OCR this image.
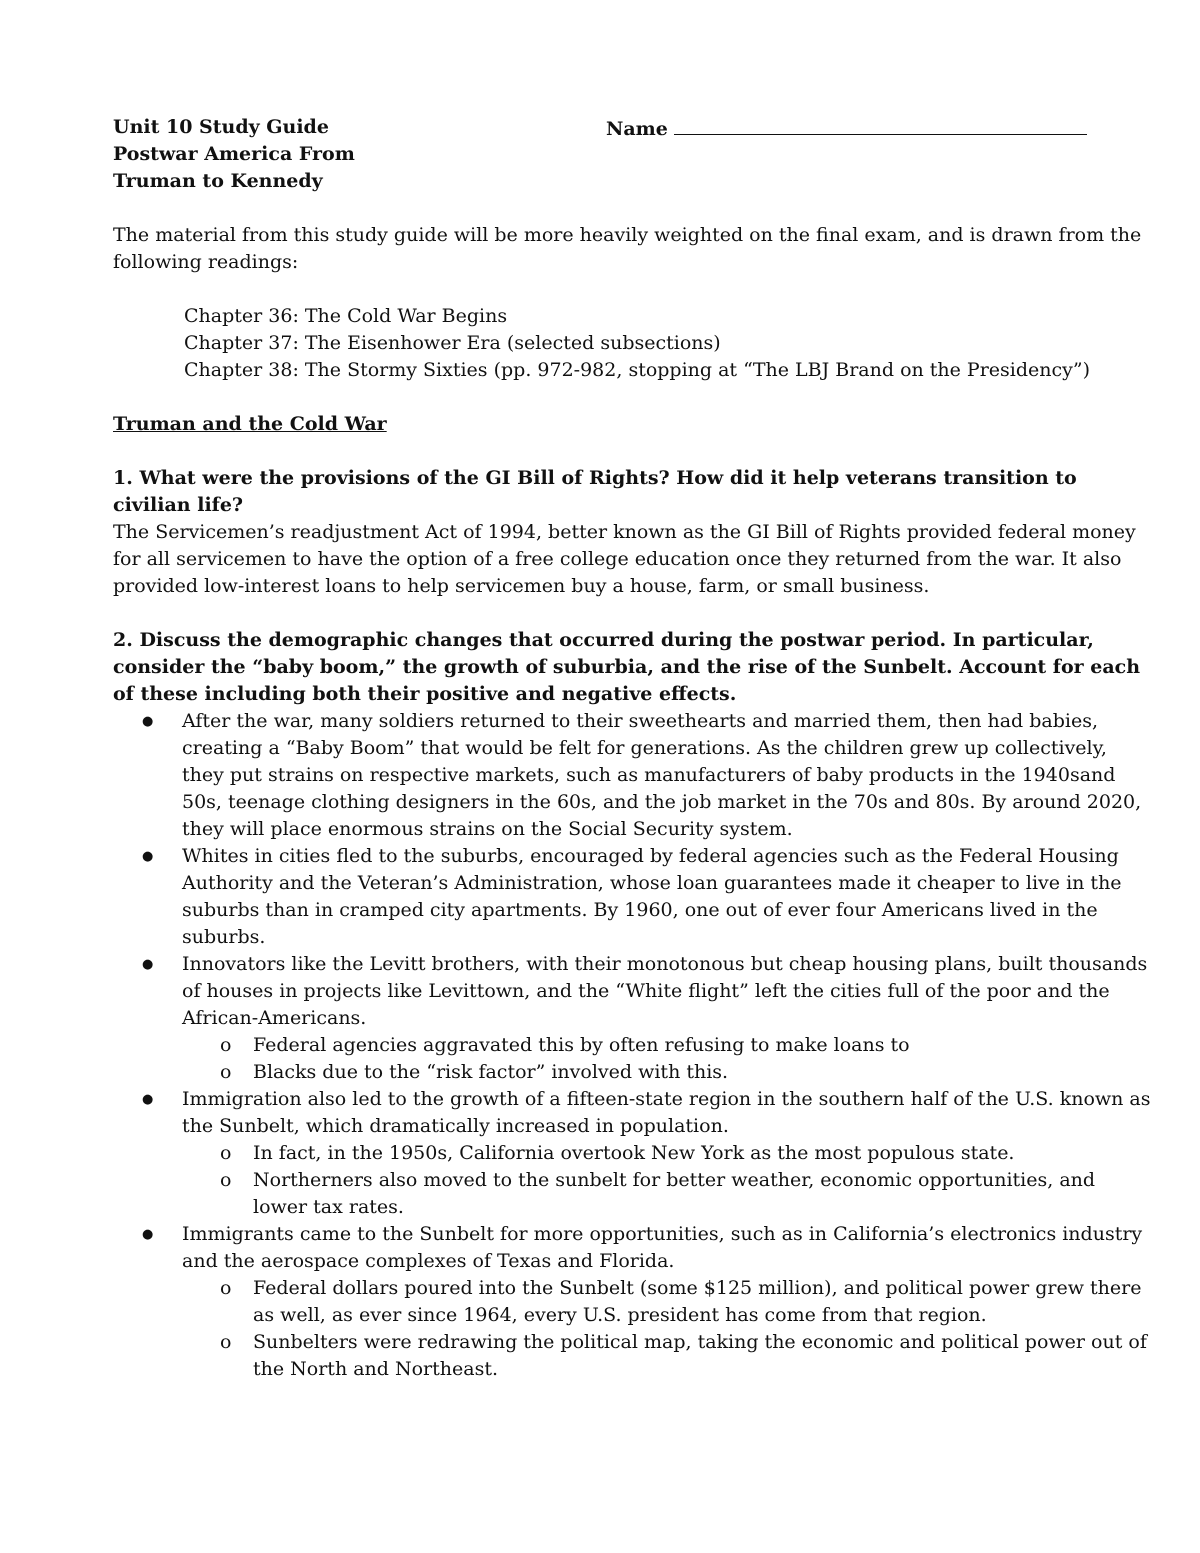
Unit 10 Study Guide
Postwar America From
Truman to Kennedy
Name

The material from this study guide will be more heavily weighted on the final exam, and is drawn from the following readings:

Chapter 36: The Cold War Begins
Chapter 37: The Eisenhower Era (selected subsections)
Chapter 38: The Stormy Sixties (pp. 972-982, stopping at “The LBJ Brand on the Presidency”)

Truman and the Cold War

1. What were the provisions of the GI Bill of Rights? How did it help veterans transition to civilian life?

The Servicemen’s readjustment Act of 1994, better known as the GI Bill of Rights provided federal money for all servicemen to have the option of a free college education once they returned from the war. It also provided low-interest loans to help servicemen buy a house, farm, or small business.

2. Discuss the demographic changes that occurred during the postwar period. In particular, consider the “baby boom,” the growth of suburbia, and the rise of the Sunbelt. Account for each of these including both their positive and negative effects.

● After the war, many soldiers returned to their sweethearts and married them, then had babies, creating a “Baby Boom” that would be felt for generations. As the children grew up collectively, they put strains on respective markets, such as manufacturers of baby products in the 1940sand 50s, teenage clothing designers in the 60s, and the job market in the 70s and 80s. By around 2020, they will place enormous strains on the Social Security system.
● Whites in cities fled to the suburbs, encouraged by federal agencies such as the Federal Housing Authority and the Veteran’s Administration, whose loan guarantees made it cheaper to live in the suburbs than in cramped city apartments. By 1960, one out of ever four Americans lived in the suburbs.
● Innovators like the Levitt brothers, with their monotonous but cheap housing plans, built thousands of houses in projects like Levittown, and the “White flight” left the cities full of the poor and the African-Americans.
o Federal agencies aggravated this by often refusing to make loans to
o Blacks due to the “risk factor” involved with this.
● Immigration also led to the growth of a fifteen-state region in the southern half of the U.S. known as the Sunbelt, which dramatically increased in population.
o In fact, in the 1950s, California overtook New York as the most populous state.
o Northerners also moved to the sunbelt for better weather, economic opportunities, and lower tax rates.
● Immigrants came to the Sunbelt for more opportunities, such as in California’s electronics industry and the aerospace complexes of Texas and Florida.
o Federal dollars poured into the Sunbelt (some $125 million), and political power grew there as well, as ever since 1964, every U.S. president has come from that region.
o Sunbelters were redrawing the political map, taking the economic and political power out of the North and Northeast.
